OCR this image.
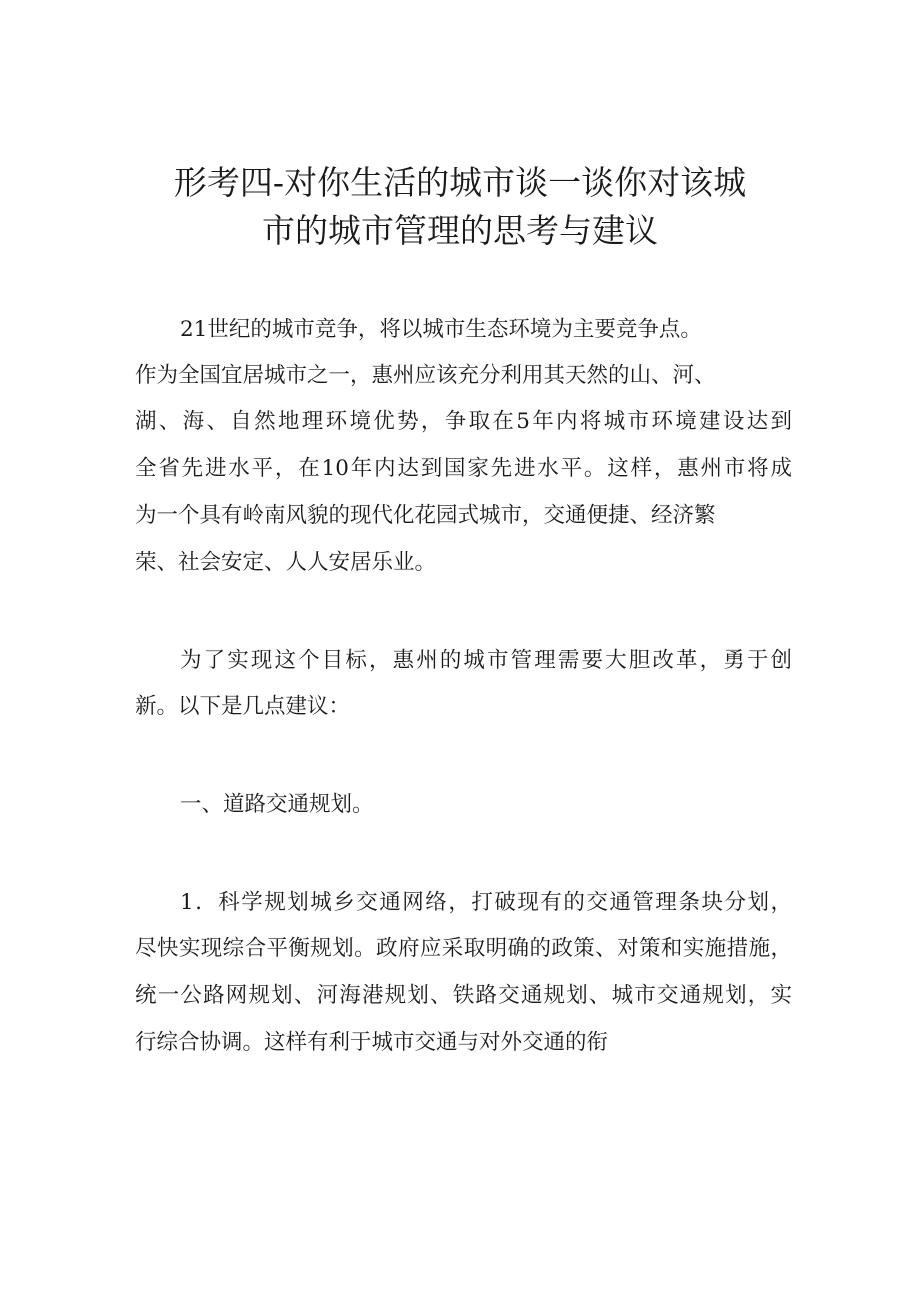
形考四-对你生活的城市谈一谈你对该城
市的城市管理的思考与建议

21世纪的城市竞争，将以城市生态环境为主要竞争点。

作为全国宜居城市之一，惠州应该充分利用其天然的山、河、

湖、海、自然地理环境优势，争取在5年内将城市环境建设达到

全省先进水平，在10年内达到国家先进水平。这样，惠州市将成

为一个具有岭南风貌的现代化花园式城市，交通便捷、经济繁

荣、社会安定、人人安居乐业。

为了实现这个目标，惠州的城市管理需要大胆改革，勇于创

新。以下是几点建议：

一、道路交通规划。

1．科学规划城乡交通网络，打破现有的交通管理条块分划，

尽快实现综合平衡规划。政府应采取明确的政策、对策和实施措施，

统一公路网规划、河海港规划、铁路交通规划、城市交通规划，实

行综合协调。这样有利于城市交通与对外交通的衔
